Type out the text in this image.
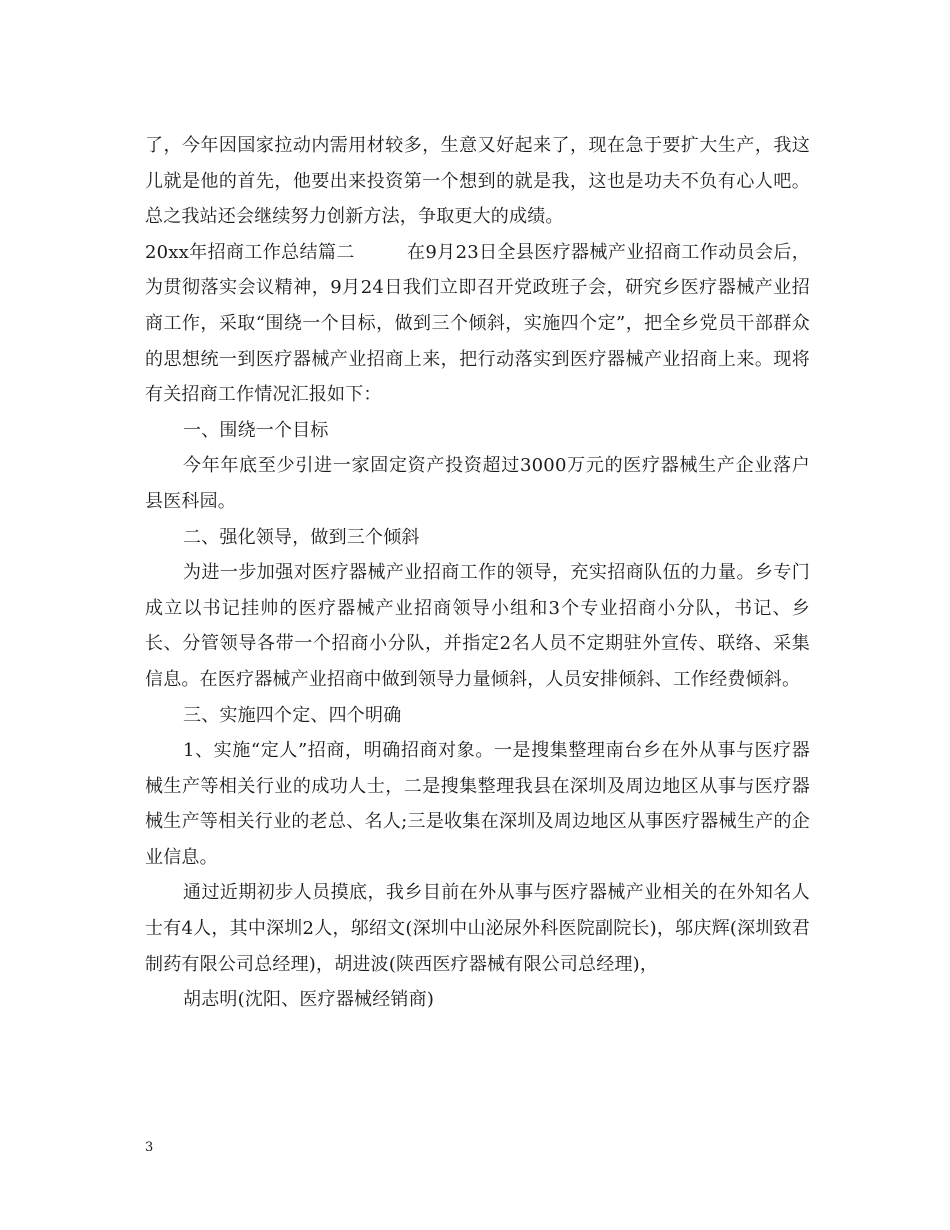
了，今年因国家拉动内需用材较多，生意又好起来了，现在急于要扩大生产，我这儿就是他的首先，他要出来投资第一个想到的就是我，这也是功夫不负有心人吧。总之我站还会继续努力创新方法，争取更大的成绩。

20xx年招商工作总结篇二	在9月23日全县医疗器械产业招商工作动员会后，为贯彻落实会议精神，9月24日我们立即召开党政班子会，研究乡医疗器械产业招商工作，采取“围绕一个目标，做到三个倾斜，实施四个定”，把全乡党员干部群众的思想统一到医疗器械产业招商上来，把行动落实到医疗器械产业招商上来。现将有关招商工作情况汇报如下：

一、围绕一个目标

今年年底至少引进一家固定资产投资超过3000万元的医疗器械生产企业落户县医科园。

二、强化领导，做到三个倾斜

为进一步加强对医疗器械产业招商工作的领导，充实招商队伍的力量。乡专门成立以书记挂帅的医疗器械产业招商领导小组和3个专业招商小分队，书记、乡长、分管领导各带一个招商小分队，并指定2名人员不定期驻外宣传、联络、采集信息。在医疗器械产业招商中做到领导力量倾斜，人员安排倾斜、工作经费倾斜。

三、实施四个定、四个明确

1、实施“定人”招商，明确招商对象。一是搜集整理南台乡在外从事与医疗器械生产等相关行业的成功人士，二是搜集整理我县在深圳及周边地区从事与医疗器械生产等相关行业的老总、名人;三是收集在深圳及周边地区从事医疗器械生产的企业信息。

通过近期初步人员摸底，我乡目前在外从事与医疗器械产业相关的在外知名人士有4人，其中深圳2人，邬绍文(深圳中山泌尿外科医院副院长)，邬庆辉(深圳致君制药有限公司总经理)，胡进波(陕西医疗器械有限公司总经理)，

胡志明(沈阳、医疗器械经销商)

3
